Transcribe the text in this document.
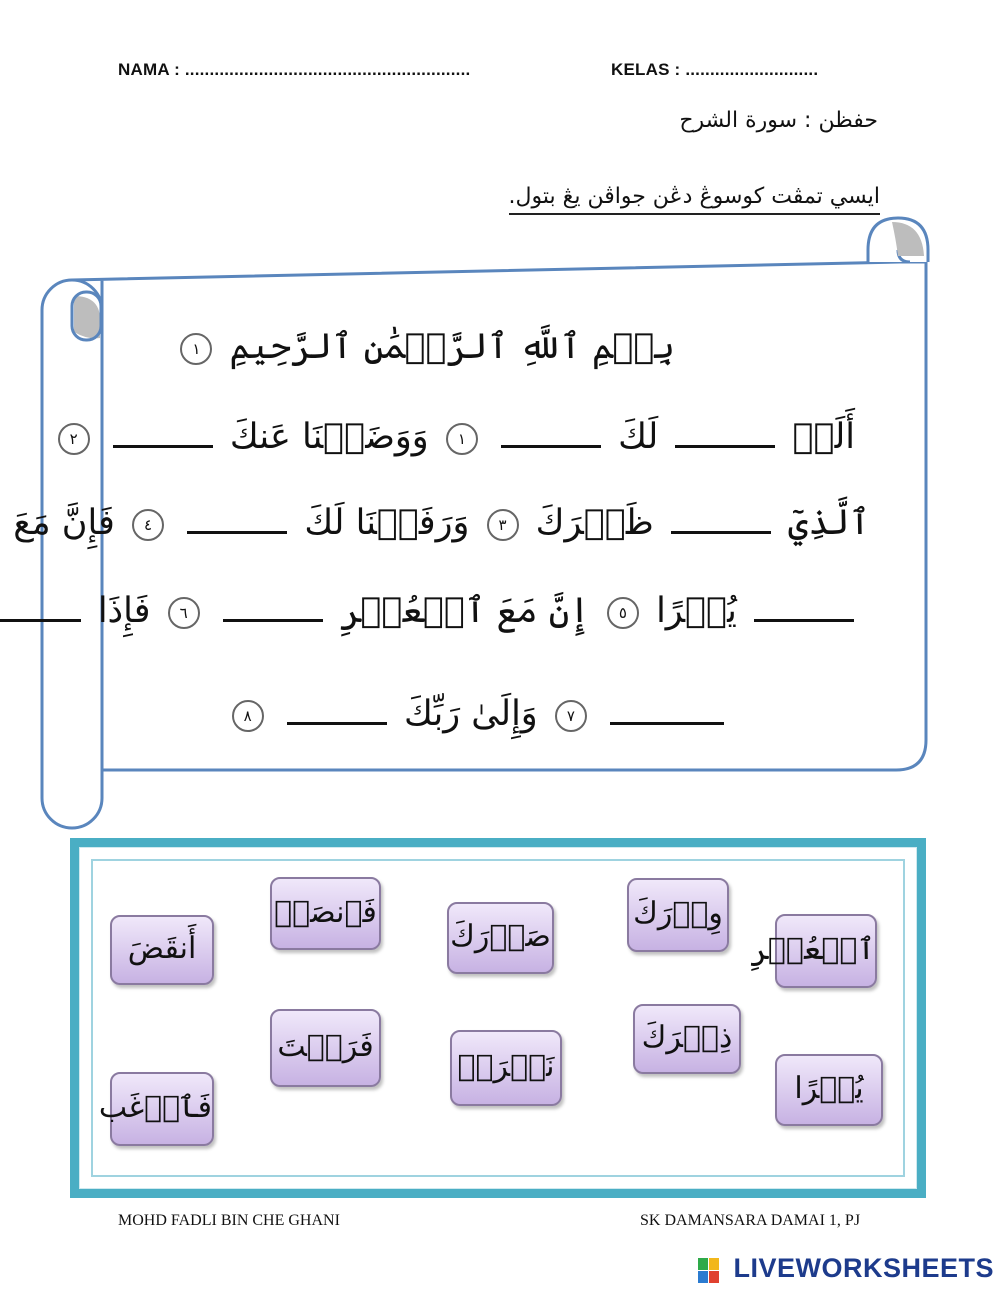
NAMA : ..........................................................	KELAS : ...........................
حفظن : سورة الشرح
ايسي تمڤت كوسوڠ دڠن جواڤن يڠ بتول.
بِسۡمِ ٱللَّهِ ٱلرَّحۡمَٰنِ ٱلرَّحِيمِ ١
أَلَمۡ  لَكَ  ١ وَوَضَعۡنَا عَنكَ  ٢
ٱلَّذِيٓ  ظَهۡرَكَ ٣ وَرَفَعۡنَا لَكَ  ٤ فَإِنَّ مَعَ
يُسۡرًا ٥ إِنَّ مَعَ ٱلۡعُسۡرِ  ٦ فَإِذَا
٧ وَإِلَىٰ رَبِّكَ  ٨
أَنقَضَ
فَٱرۡغَب
فَٱنصَبۡ
فَرَغۡتَ
صَدۡرَكَ
نَشۡرَحۡ
وِزۡرَكَ
ذِكۡرَكَ
ٱلۡعُسۡرِ
يُسۡرًا
MOHD FADLI BIN CHE GHANI	SK DAMANSARA DAMAI 1, PJ
LIVEWORKSHEETS
